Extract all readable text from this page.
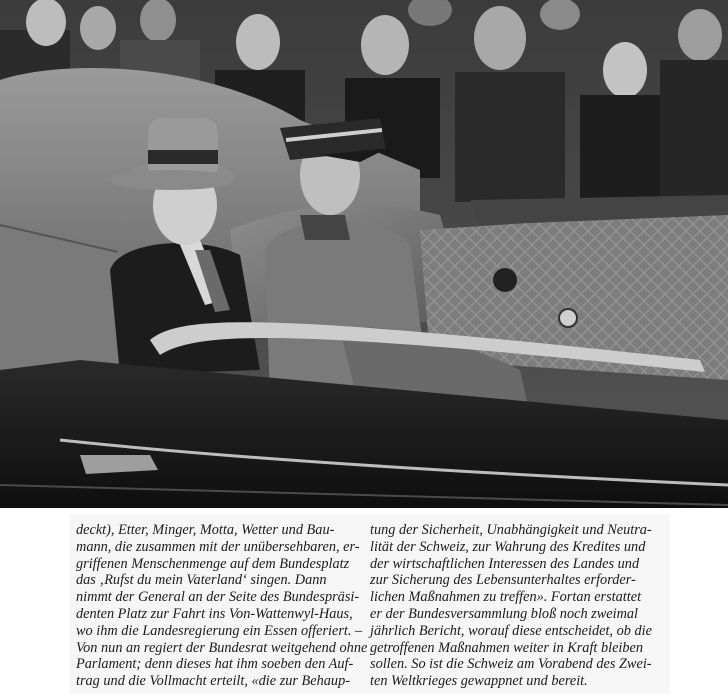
deckt), Etter, Minger, Motta, Wetter und Bau-
mann, die zusammen mit der unübersehbaren, er-
griffenen Menschenmenge auf dem Bundesplatz
das ‚Rufst du mein Vaterland‘ singen. Dann
nimmt der General an der Seite des Bundespräsi-
denten Platz zur Fahrt ins Von-Wattenwyl-Haus,
wo ihm die Landesregierung ein Essen offeriert. –
Von nun an regiert der Bundesrat weitgehend ohne
Parlament; denn dieses hat ihm soeben den Auf-
trag und die Vollmacht erteilt, «die zur Behaup-
tung der Sicherheit, Unabhängigkeit und Neutra-
lität der Schweiz, zur Wahrung des Kredites und
der wirtschaftlichen Interessen des Landes und
zur Sicherung des Lebensunterhaltes erforder-
lichen Maßnahmen zu treffen». Fortan erstattet
er der Bundesversammlung bloß noch zweimal
jährlich Bericht, worauf diese entscheidet, ob die
getroffenen Maßnahmen weiter in Kraft bleiben
sollen. So ist die Schweiz am Vorabend des Zwei-
ten Weltkrieges gewappnet und bereit.
